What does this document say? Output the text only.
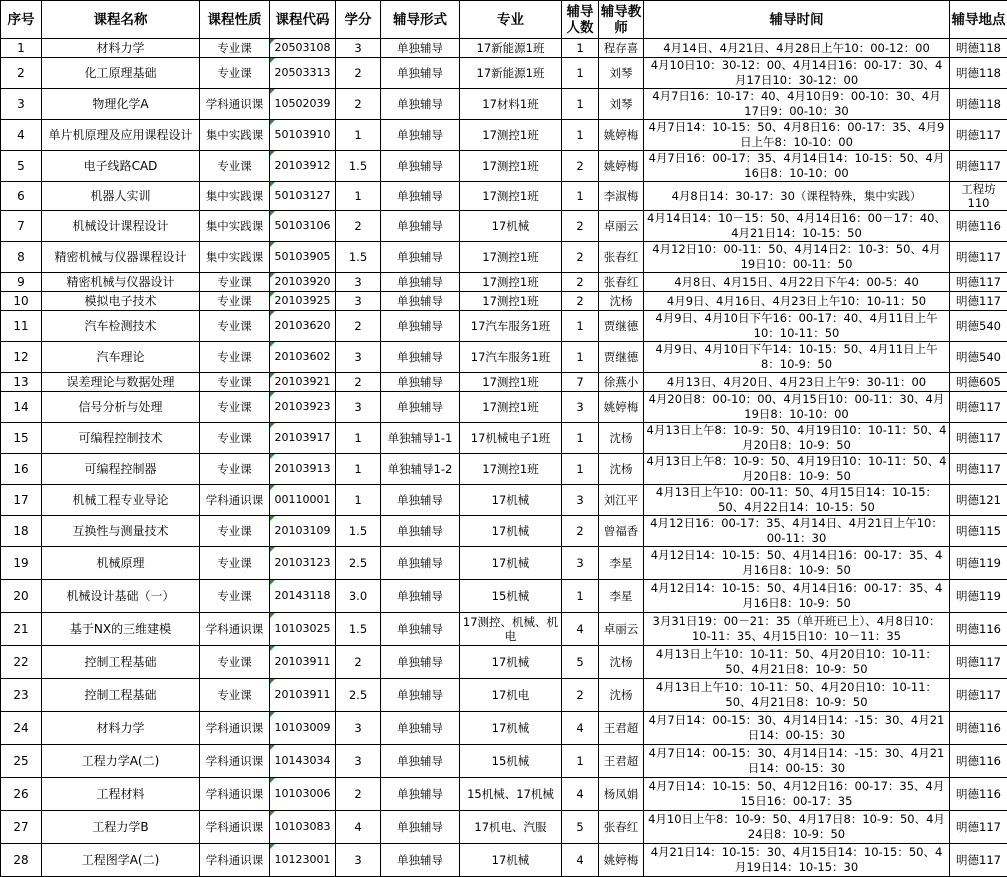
序号	课程名称	课程性质	课程代码	学分	辅导形式	专业	辅导人数	辅导教师	辅导时间	辅导地点
1	材料力学	专业课	20503108	3	单独辅导	17新能源1班	1	程存喜	4月14日、4月21日、4月28日上午10：00-12：00	明德118
2	化工原理基础	专业课	20503313	2	单独辅导	17新能源1班	1	刘琴	4月10日10：30-12：00、4月14日16：00-17：30、4月17日10：30-12：00	明德118
3	物理化学A	学科通识课	10502039	2	单独辅导	17材料1班	1	刘琴	4月7日16：10-17：40、4月10日9：00-10：30、4月17日9：00-10：30	明德118
4	单片机原理及应用课程设计	集中实践课	50103910	1	单独辅导	17测控1班	1	姚婷梅	4月7日14：10-15：50、4月8日16：00-17：35、4月9日上午8：10-10：00	明德117
5	电子线路CAD	专业课	20103912	1.5	单独辅导	17测控1班	2	姚婷梅	4月7日16：00-17：35、4月14日14：10-15：50、4月16日8：10-10：00	明德117
6	机器人实训	集中实践课	50103127	1	单独辅导	17测控1班	1	李淑梅	4月8日14：30-17：30（课程特殊，集中实践）	工程坊110
7	机械设计课程设计	集中实践课	50103106	2	单独辅导	17机械	2	卓丽云	4月14日14：10－15：50、4月14日16：00－17：40、4月21日14：10-15：50	明德116
8	精密机械与仪器课程设计	集中实践课	50103905	1.5	单独辅导	17测控1班	2	张春红	4月12日10：00-11：50、4月14日2：10-3：50、4月19日10：00-11：50	明德117
9	精密机械与仪器设计	专业课	20103920	3	单独辅导	17测控1班	2	张春红	4月8日、4月15日、4月22日下午4：00-5：40	明德117
10	模拟电子技术	专业课	20103925	3	单独辅导	17测控1班	2	沈杨	4月9日、4月16日、4月23日上午10：10-11：50	明德117
11	汽车检测技术	专业课	20103620	2	单独辅导	17汽车服务1班	1	贾继德	4月9日、4月10日下午16：00-17：40、4月11日上午10：10-11：50	明德540
12	汽车理论	专业课	20103602	3	单独辅导	17汽车服务1班	1	贾继德	4月9日、4月10日下午14：10-15：50、4月11日上午8：10-9：50	明德540
13	误差理论与数据处理	专业课	20103921	2	单独辅导	17测控1班	7	徐燕小	4月13日、4月20日、4月23日上午9：30-11：00	明德605
14	信号分析与处理	专业课	20103923	3	单独辅导	17测控1班	3	姚婷梅	4月20日8：00-10：00、4月15日10：00-11：30、4月19日8：10-10：00	明德117
15	可编程控制技术	专业课	20103917	1	单独辅导1-1	17机械电子1班	1	沈杨	4月13日上午8：10-9：50、4月19日10：10-11：50、4月20日8：10-9：50	明德117
16	可编程控制器	专业课	20103913	1	单独辅导1-2	17测控1班	1	沈杨	4月13日上午8：10-9：50、4月19日10：10-11：50、4月20日8：10-9：50	明德117
17	机械工程专业导论	学科通识课	00110001	1	单独辅导	17机械	3	刘江平	4月13日上午10：00-11：50、4月15日14：10-15：50、4月22日14：10-15：50	明德121
18	互换性与测量技术	专业课	20103109	1.5	单独辅导	17机械	2	曾福香	4月12日16：00-17：35、4月14日、4月21日上午10：00-11：30	明德115
19	机械原理	专业课	20103123	2.5	单独辅导	17机械	3	李星	4月12日14：10-15：50、4月14日16：00-17：35、4月16日8：10-9：50	明德119
20	机械设计基础（一）	专业课	20143118	3.0	单独辅导	15机械	1	李星	4月12日14：10-15：50、4月14日16：00-17：35、4月16日8：10-9：50	明德119
21	基于NX的三维建模	学科通识课	10103025	1.5	单独辅导	17测控、机械、机电	4	卓丽云	3月31日19：00－21：35（单开班已上）、4月8日10：10-11：35、4月15日10：10－11：35	明德116
22	控制工程基础	专业课	20103911	2	单独辅导	17机械	5	沈杨	4月13日上午10：10-11：50、4月20日10：10-11：50、4月21日8：10-9：50	明德117
23	控制工程基础	专业课	20103911	2.5	单独辅导	17机电	2	沈杨	4月13日上午10：10-11：50、4月20日10：10-11：50、4月21日8：10-9：50	明德117
24	材料力学	学科通识课	10103009	3	单独辅导	17机械	4	王君超	4月7日14：00-15：30、4月14日14：-15：30、4月21日14：00-15：30	明德116
25	工程力学A(二)	学科通识课	10143034	3	单独辅导	15机械	1	王君超	4月7日14：00-15：30、4月14日14：-15：30、4月21日14：00-15：30	明德116
26	工程材料	学科通识课	10103006	2	单独辅导	15机械、17机械	4	杨凤娟	4月7日14：10-15：50、4月12日16：00-17：35、4月15日16：00-17：35	明德116
27	工程力学B	学科通识课	10103083	4	单独辅导	17机电、汽服	5	张春红	4月10日上午8：10-9：50、4月17日8：10-9：50、4月24日8：10-9：50	明德117
28	工程图学A(二)	学科通识课	10123001	3	单独辅导	17机械	4	姚婷梅	4月21日14：10-15：30、4月15日14：10-15：50、4月19日14：10-15：30	明德117
